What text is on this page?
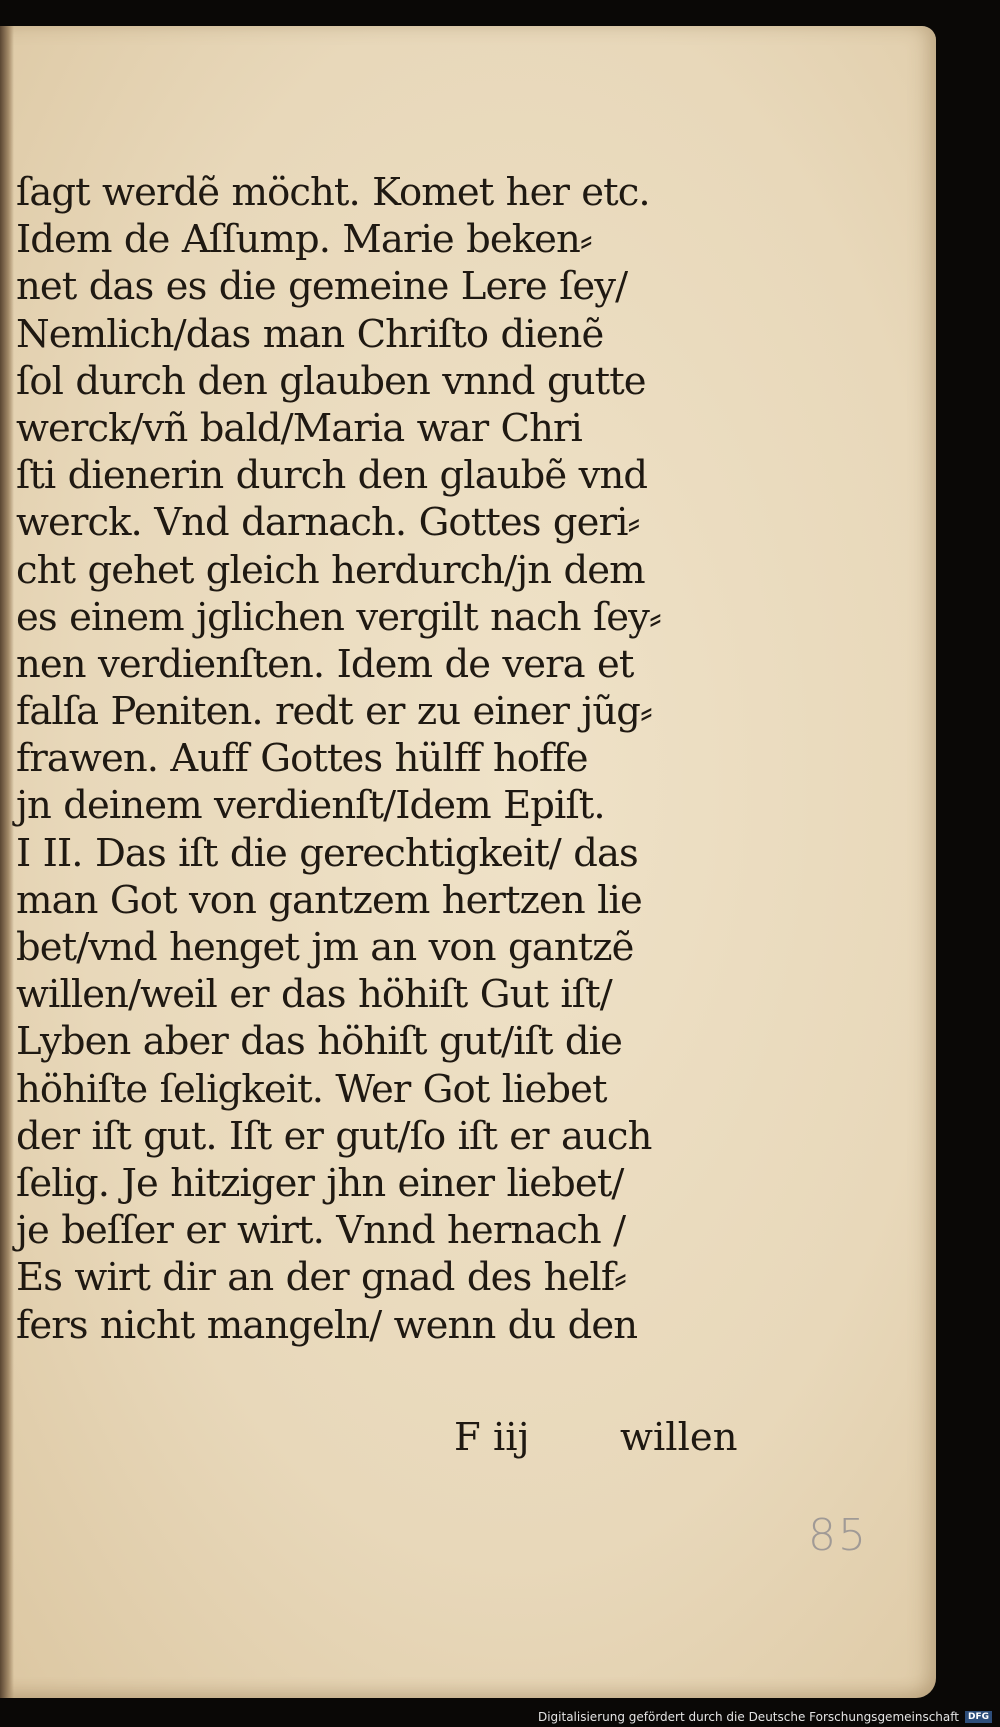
ſagt werdẽ möcht. Komet her etc.
Idem de Aſſump. Marie beken⸗
net das es die gemeine Lere ſey/
Nemlich/das man Chriſto dienẽ
ſol durch den glauben vnnd gutte
werck/vñ bald/Maria war Chri
ſti dienerin durch den glaubẽ vnd
werck. Vnd darnach. Gottes geri⸗
cht gehet gleich herdurch/jn dem
es einem jglichen vergilt nach ſey⸗
nen verdienſten. Idem de vera et
falſa Peniten. redt er zu einer jũg⸗
frawen. Auff Gottes hülff hoffe
jn deinem verdienſt/Idem Epiſt.
I II. Das iſt die gerechtigkeit/ das
man Got von gantzem hertzen lie
bet/vnd henget jm an von gantzẽ
willen/weil er das höhiſt Gut iſt/
Lyben aber das höhiſt gut/iſt die
höhiſte ſeligkeit. Wer Got liebet
der iſt gut. Iſt er gut/ſo iſt er auch
ſelig. Je hitziger jhn einer liebet/
je beſſer er wirt. Vnnd hernach /
Es wirt dir an der gnad des helf⸗
fers nicht mangeln/ wenn du den
F iij willen
85
Digitalisierung gefördert durch die Deutsche Forschungsgemeinschaft	DFG
